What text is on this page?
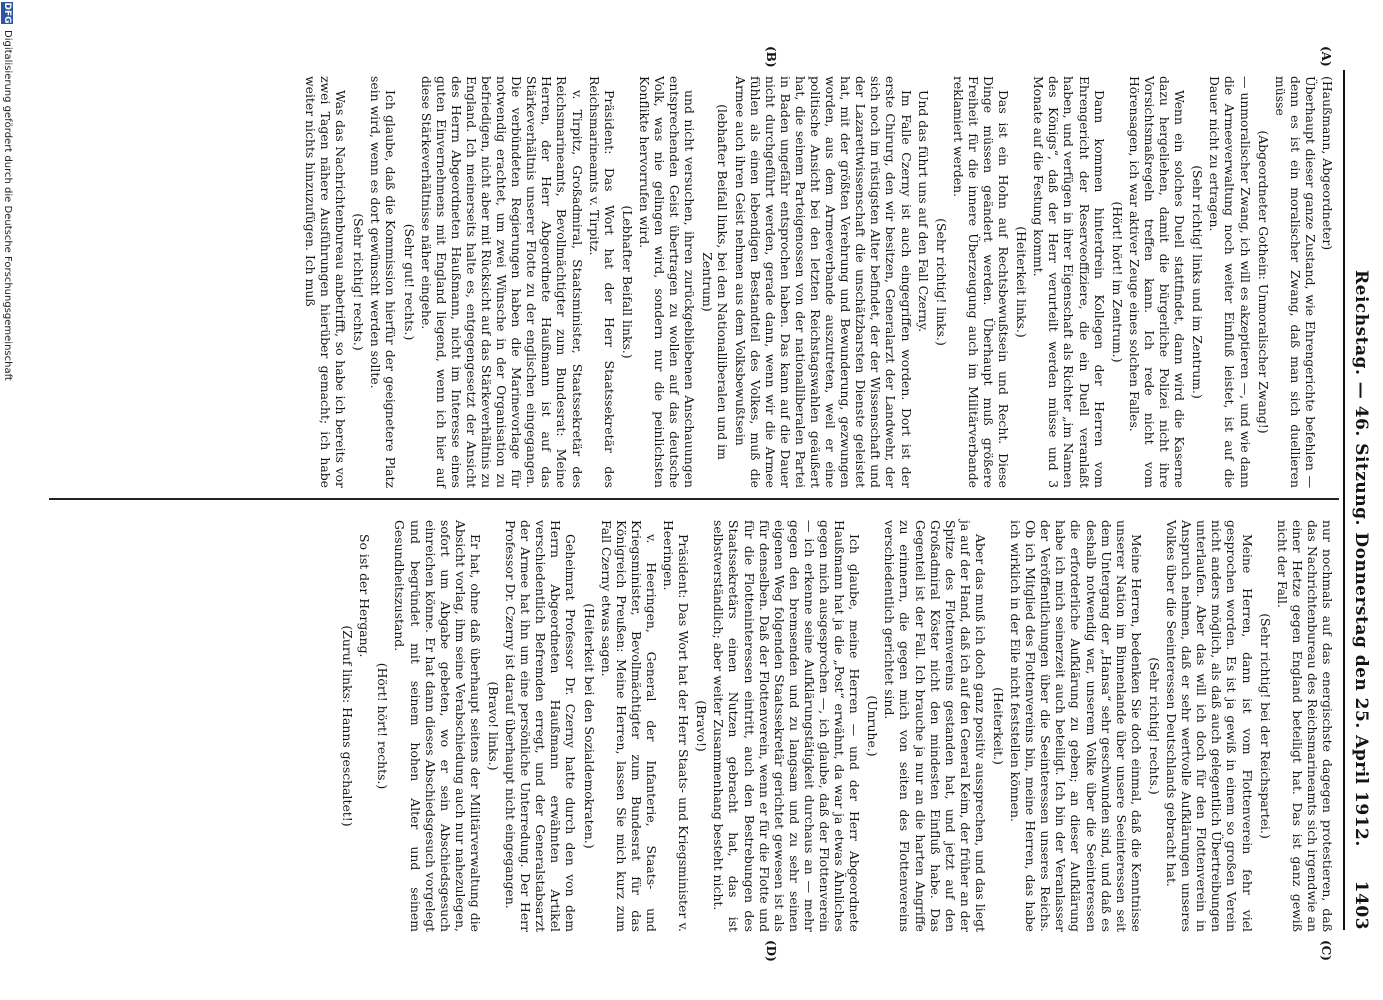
Reichstag. — 46. Sitzung. Donnerstag den 25. April 1912.
1403
(A)
(B)
(C)
(D)

(Haußmann, Abgeordneter)

Überhaupt dieser ganze Zustand, wie Ehrengerichte befehlen — denn es ist ein moralischer Zwang, daß man sich duellieren müsse

(Abgeordneter Gothein: Unmoralischer Zwang!)

— unmoralischer Zwang, ich will es akzeptieren —, und wie dann die Armeeverwaltung noch weiter Einfluß leistet, ist auf die Dauer nicht zu ertragen.

(Sehr richtig! links und im Zentrum.)

Wenn ein solches Duell stattfindet, dann wird die Kaserne dazu hergeliehen, damit die bürgerliche Polizei nicht ihre Vorsichtsmaßregeln treffen kann. Ich rede nicht vom Hörensagen, ich war aktiver Zeuge eines solchen Falles.

(Hört! hört! im Zentrum.)

Dann kommen hinterdrein Kollegen der Herren vom Ehrengericht der Reserveoffiziere, die ein Duell veranlaßt haben, und verfügen in ihrer Eigenschaft als Richter „im Namen des Königs“, daß der Herr verurteilt werden müsse und 3 Monate auf die Festung kommt.

(Heiterkeit links.)

Das ist ein Hohn auf Rechtsbewußtsein und Recht. Diese Dinge müssen geändert werden. Überhaupt muß größere Freiheit für die innere Überzeugung auch im Militärverbande reklamiert werden.

(Sehr richtig! links.)

Und das führt uns auf den Fall Czerny.

Im Falle Czerny ist auch eingegriffen worden. Dort ist der erste Chirurg, den wir besitzen, Generalarzt der Landwehr, der sich noch im rüstigsten Alter befindet, der der Wissenschaft und der Lazarettwissenschaft die unschätzbarsten Dienste geleistet hat, mit der größten Verehrung und Bewunderung, gezwungen worden, aus dem Armeeverbande auszutreten, weil er eine politische Ansicht bei den letzten Reichstagswahlen geäußert hat, die seinem Parteigenossen von der nationalliberalen Partei in Baden ungefähr entsprochen haben. Das kann auf die Dauer nicht durchgeführt werden, gerade dann, wenn wir die Armee fühlen als einen lebendigen Bestandteil des Volkes, muß die Armee auch ihren Geist nehmen aus dem Volksbewußtsein

(lebhafter Beifall links, bei den Nationalliberalen und im Zentrum)

und nicht versuchen, ihren zurückgebliebenen Anschauungen entsprechenden Geist übertragen zu wollen auf das deutsche Volk, was nie gelingen wird, sondern nur die peinlichsten Konflikte hervorrufen wird.

(Lebhafter Beifall links.)

Präsident: Das Wort hat der Herr Staatssekretär des Reichsmarineamts v. Tirpitz.

v. Tirpitz, Großadmiral, Staatsminister, Staatssekretär des Reichsmarineamts, Bevollmächtigter zum Bundesrat: Meine Herren, der Herr Abgeordnete Haußmann ist auf das Stärkeverhältnis unserer Flotte zu der englischen eingegangen. Die verbündeten Regierungen haben die Marinevorlage für notwendig erachtet, um zwei Wünsche in der Organisation zu befriedigen, nicht aber mit Rücksicht auf das Stärkeverhältnis zu England. Ich meinerseits halte es, entgegengesetzt der Ansicht des Herrn Abgeordneten Haußmann, nicht im Interesse eines guten Einvernehmens mit England liegend, wenn ich hier auf diese Stärkeverhältnisse näher eingehe.

(Sehr gut! rechts.)

Ich glaube, daß die Kommission hierfür der geeignetere Platz sein wird, wenn es dort gewünscht werden sollte.

(Sehr richtig! rechts.)

Was das Nachrichtenbureau anbetrifft, so habe ich bereits vor zwei Tagen nähere Ausführungen hierüber gemacht; ich habe weiter nichts hinzuzufügen. Ich muß

nur nochmals auf das energischste dagegen protestieren, daß das Nachrichtenbureau des Reichsmarineamts sich irgendwie an einer Hetze gegen England beteiligt hat. Das ist ganz gewiß nicht der Fall.

(Sehr richtig! bei der Reichspartei.)

Meine Herren, dann ist vom Flottenverein fehr viel gesprochen worden. Es ist ja gewiß in einem so großen Verein nicht anders möglich, als daß auch gelegentlich Übertreibungen unterlaufen. Aber das will ich doch für den Flottenverein in Anspruch nehmen, daß er sehr wertvolle Aufklärungen unseres Volkes über die Seeinteressen Deutschlands gebracht hat.

(Sehr richtig! rechts.)

Meine Herren, bedenken Sie doch einmal, daß die Kenntnisse unserer Nation im Binnenlande über unsere Seeinteressen seit dem Untergang der „Hansa“ sehr geschwunden sind, und daß es deshalb notwendig war, unserem Volke über die Seeinteressen die erforderliche Aufklärung zu geben; an dieser Aufklärung habe ich mich seinerzeit auch beteiligt. Ich bin der Veranlasser der Veröffentlichungen über die Seeinteressen unseres Reichs. Ob ich Mitglied des Flottenvereins bin, meine Herren, das habe ich wirklich in der Eile nicht feststellen können.

(Heiterkeit.)

Aber das muß ich doch ganz positiv aussprechen, und das liegt ja auf der Hand, daß ich auf den General Keim, der früher an der Spitze des Flottenvereins gestanden hat, und jetzt auf den Großadmiral Köster nicht den mindesten Einfluß habe. Das Gegenteil ist der Fall. Ich brauche ja nur an die harten Angriffe zu erinnern, die gegen mich von seiten des Flottenvereins verschiedentlich gerichtet sind.

(Unruhe.)

Ich glaube, meine Herren — und der Herr Abgeordnete Haußmann hat ja die „Post“ erwähnt, da war ja etwas Ähnliches gegen mich ausgesprochen —, ich glaube, daß der Flottenverein — ich erkenne seine Aufklärungstätigkeit durchaus an — mehr gegen den bremsenden und zu langsam und zu sehr seinen eigenen Weg folgenden Staatssekretär gerichtet gewesen ist als für denselben. Daß der Flottenverein, wenn er für die Flotte und für die Flotteninteressen eintritt, auch den Bestrebungen des Staatssekretärs einen Nutzen gebracht hat, das ist selbstverständlich; aber weiter Zusammenhang besteht nicht.

(Bravo!)

Präsident: Das Wort hat der Herr Staats- und Kriegsminister v. Heeringen.

v. Heeringen, General der Infanterie, Staats- und Kriegsminister, Bevollmächtigter zum Bundesrat für das Königreich Preußen: Meine Herren, lassen Sie mich kurz zum Fall Czerny etwas sagen.

(Heiterkeit bei den Sozialdemokraten.)

Geheimrat Professor Dr. Czerny hatte durch den von dem Herrn Abgeordneten Haußmann erwähnten Artikel verschiedentlich Befremden erregt, und der Generalstabsarzt der Armee hat ihn um eine persönliche Unterredung. Der Herr Professor Dr. Czerny ist darauf überhaupt nicht eingegangen.

(Bravo! links.)

Er hat, ohne daß überhaupt seitens der Militärverwaltung die Absicht vorlag, ihm seine Verabschiedung auch nur nahezulegen, sofort um Abgabe gebeten, wo er sein Abschiedsgesuch einreichen könne. Er hat dann dieses Abschiedsgesuch vorgelegt und begründet mit seinem hohen Alter und seinem Gesundheitszustand.

(Hört! hört! rechts.)

So ist der Hergang.

(Zuruf links: Hanns geschaltet!)

DFG
Digitalisierung gefördert durch die Deutsche Forschungsgemeinschaft
